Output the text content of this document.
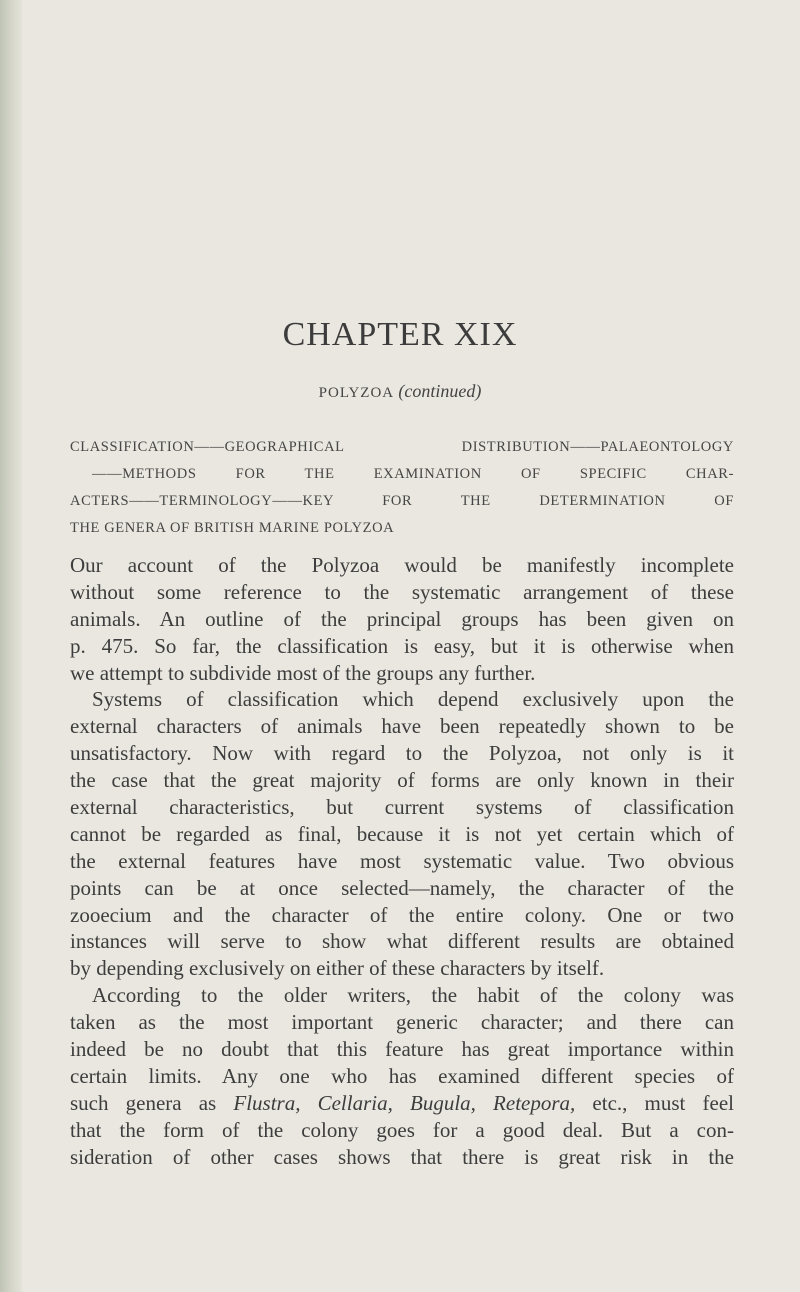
CHAPTER XIX
POLYZOA (continued)
CLASSIFICATION——GEOGRAPHICAL DISTRIBUTION——PALAEONTOLOGY
——METHODS FOR THE EXAMINATION OF SPECIFIC CHAR-
ACTERS——TERMINOLOGY——KEY FOR THE DETERMINATION OF
THE GENERA OF BRITISH MARINE POLYZOA
Our account of the Polyzoa would be manifestly incomplete
without some reference to the systematic arrangement of these
animals. An outline of the principal groups has been given on
p. 475. So far, the classification is easy, but it is otherwise when
we attempt to subdivide most of the groups any further.
Systems of classification which depend exclusively upon the
external characters of animals have been repeatedly shown to be
unsatisfactory. Now with regard to the Polyzoa, not only is it
the case that the great majority of forms are only known in their
external characteristics, but current systems of classification
cannot be regarded as final, because it is not yet certain which of
the external features have most systematic value. Two obvious
points can be at once selected—namely, the character of the
zooecium and the character of the entire colony. One or two
instances will serve to show what different results are obtained
by depending exclusively on either of these characters by itself.
According to the older writers, the habit of the colony was
taken as the most important generic character; and there can
indeed be no doubt that this feature has great importance within
certain limits. Any one who has examined different species of
such genera as Flustra, Cellaria, Bugula, Retepora, etc., must feel
that the form of the colony goes for a good deal. But a con-
sideration of other cases shows that there is great risk in the
